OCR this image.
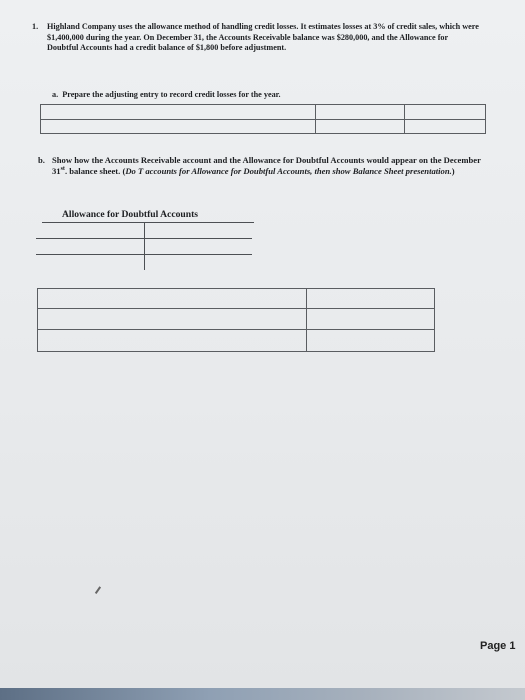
1.	Highland Company uses the allowance method of handling credit losses. It estimates losses at 3% of credit sales, which were $1,400,000 during the year. On December 31, the Accounts Receivable balance was $280,000, and the Allowance for Doubtful Accounts had a credit balance of $1,800 before adjustment.
a. Prepare the adjusting entry to record credit losses for the year.

b. Show how the Accounts Receivable account and the Allowance for Doubtful Accounts would appear on the December 31st. balance sheet. (Do T accounts for Allowance for Doubtful Accounts, then show Balance Sheet presentation.)
Allowance for Doubtful Accounts

Page 1
